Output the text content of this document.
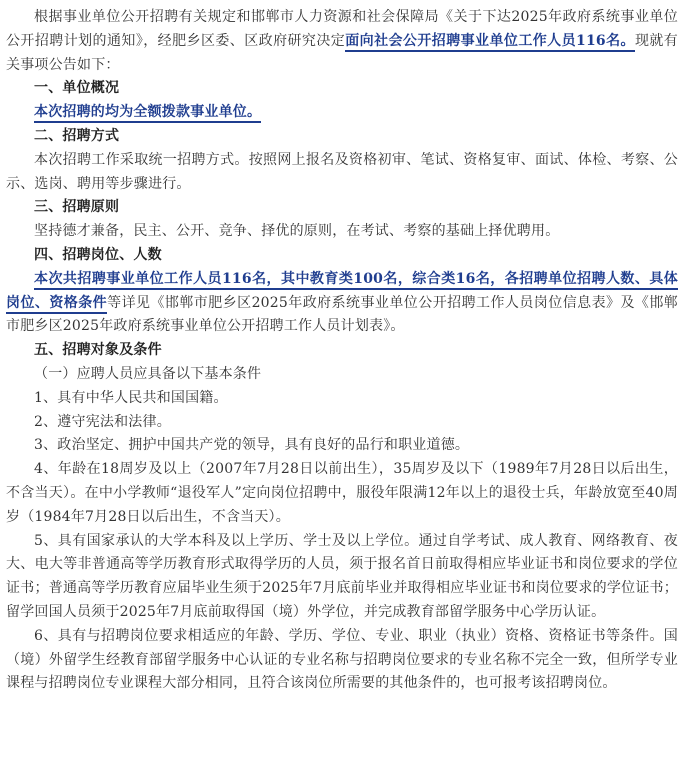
根据事业单位公开招聘有关规定和邯郸市人力资源和社会保障局《关于下达2025年政府系统事业单位公开招聘计划的通知》，经肥乡区委、区政府研究决定面向社会公开招聘事业单位工作人员116名。现就有关事项公告如下：

一、单位概况

本次招聘的均为全额拨款事业单位。

二、招聘方式

本次招聘工作采取统一招聘方式。按照网上报名及资格初审、笔试、资格复审、面试、体检、考察、公示、选岗、聘用等步骤进行。

三、招聘原则

坚持德才兼备，民主、公开、竞争、择优的原则，在考试、考察的基础上择优聘用。

四、招聘岗位、人数

本次共招聘事业单位工作人员116名，其中教育类100名，综合类16名，各招聘单位招聘人数、具体岗位、资格条件等详见《邯郸市肥乡区2025年政府系统事业单位公开招聘工作人员岗位信息表》及《邯郸市肥乡区2025年政府系统事业单位公开招聘工作人员计划表》。

五、招聘对象及条件

（一）应聘人员应具备以下基本条件

1、具有中华人民共和国国籍。

2、遵守宪法和法律。

3、政治坚定、拥护中国共产党的领导，具有良好的品行和职业道德。

4、年龄在18周岁及以上（2007年7月28日以前出生），35周岁及以下（1989年7月28日以后出生，不含当天）。在中小学教师“退役军人”定向岗位招聘中，服役年限满12年以上的退役士兵，年龄放宽至40周岁（1984年7月28日以后出生，不含当天）。

5、具有国家承认的大学本科及以上学历、学士及以上学位。通过自学考试、成人教育、网络教育、夜大、电大等非普通高等学历教育形式取得学历的人员，须于报名首日前取得相应毕业证书和岗位要求的学位证书；普通高等学历教育应届毕业生须于2025年7月底前毕业并取得相应毕业证书和岗位要求的学位证书；留学回国人员须于2025年7月底前取得国（境）外学位，并完成教育部留学服务中心学历认证。

6、具有与招聘岗位要求相适应的年龄、学历、学位、专业、职业（执业）资格、资格证书等条件。国（境）外留学生经教育部留学服务中心认证的专业名称与招聘岗位要求的专业名称不完全一致，但所学专业课程与招聘岗位专业课程大部分相同，且符合该岗位所需要的其他条件的，也可报考该招聘岗位。
